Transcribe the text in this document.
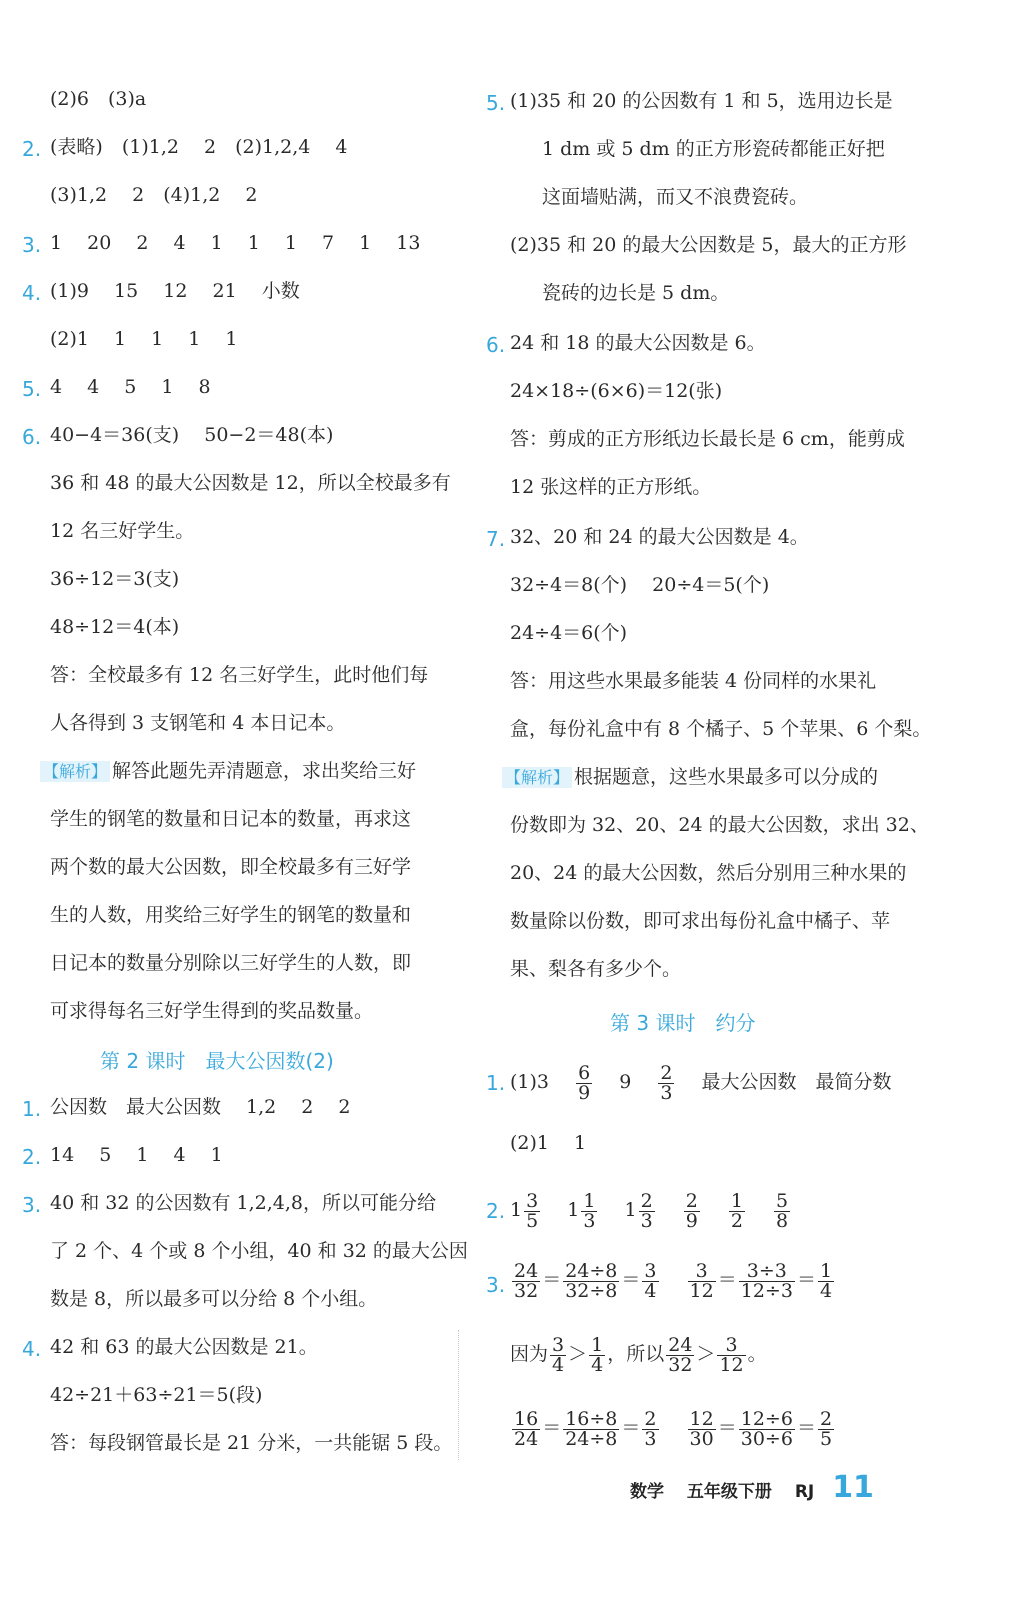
(2)6　(3)a
2. (表略)　(1)1,2　 2　(2)1,2,4　 4
(3)1,2　 2　(4)1,2　 2
3. 1　 20　 2　 4　 1　 1　 1　 7　 1　 13
4. (1)9　 15　 12　 21　 小数
(2)1　 1　 1　 1　 1
5. 4　 4　 5　 1　 8
6. 40−4＝36(支)　 50−2＝48(本)
36 和 48 的最大公因数是 12，所以全校最多有
12 名三好学生。
36÷12＝3(支)
48÷12＝4(本)
答：全校最多有 12 名三好学生，此时他们每
人各得到 3 支钢笔和 4 本日记本。
【解析】 解答此题先弄清题意，求出奖给三好
学生的钢笔的数量和日记本的数量，再求这
两个数的最大公因数，即全校最多有三好学
生的人数，用奖给三好学生的钢笔的数量和
日记本的数量分别除以三好学生的人数，即
可求得每名三好学生得到的奖品数量。
第 2 课时　最大公因数(2)
1. 公因数　最大公因数　 1,2　 2　 2
2. 14　 5　 1　 4　 1
3. 40 和 32 的公因数有 1,2,4,8，所以可能分给
了 2 个、4 个或 8 个小组，40 和 32 的最大公因
数是 8，所以最多可以分给 8 个小组。
4. 42 和 63 的最大公因数是 21。
42÷21＋63÷21＝5(段)
答：每段钢管最长是 21 分米，一共能锯 5 段。
5. (1)35 和 20 的公因数有 1 和 5，选用边长是
1 dm 或 5 dm 的正方形瓷砖都能正好把
这面墙贴满，而又不浪费瓷砖。
(2)35 和 20 的最大公因数是 5，最大的正方形
瓷砖的边长是 5 dm。
6. 24 和 18 的最大公因数是 6。
24×18÷(6×6)＝12(张)
答：剪成的正方形纸边长最长是 6 cm，能剪成
12 张这样的正方形纸。
7. 32、20 和 24 的最大公因数是 4。
32÷4＝8(个)　 20÷4＝5(个)
24÷4＝6(个)
答：用这些水果最多能装 4 份同样的水果礼
盒，每份礼盒中有 8 个橘子、5 个苹果、6 个梨。
【解析】 根据题意，这些水果最多可以分成的
份数即为 32、20、24 的最大公因数，求出 32、
20、24 的最大公因数，然后分别用三种水果的
数量除以份数，即可求出每份礼盒中橘子、苹
果、梨各有多少个。
第 3 课时　约分
1. (1)3　 $\frac{6}{9}$
　 9　 $\frac{2}{3}$
　 最大公因数　最简分数
(2)1　 1
2. $1 \frac{3}{5}$
　 $1 \frac{1}{3}$
　 $1 \frac{2}{3}$
　 $\frac{2}{9}$
　 $\frac{1}{2}$
　 $\frac{5}{8}$
3. $\frac{24}{32} = \frac{24\div 8}{32\div 8} = \frac{3}{4}$
　 $\frac{3}{12} = \frac{3\div 3}{12\div 3} = \frac{1}{4}$
因为 $\frac{3}{4} > \frac{1}{4}$ ，所以 $\frac{24}{32} > \frac{3}{12}$ 。
$\frac{16}{24} = \frac{16\div 8}{24\div 8} = \frac{2}{3}$
　 $\frac{12}{30} = \frac{12\div 6}{30\div 6} = \frac{2}{5}$
数学　 五年级下册　 RJ 11
